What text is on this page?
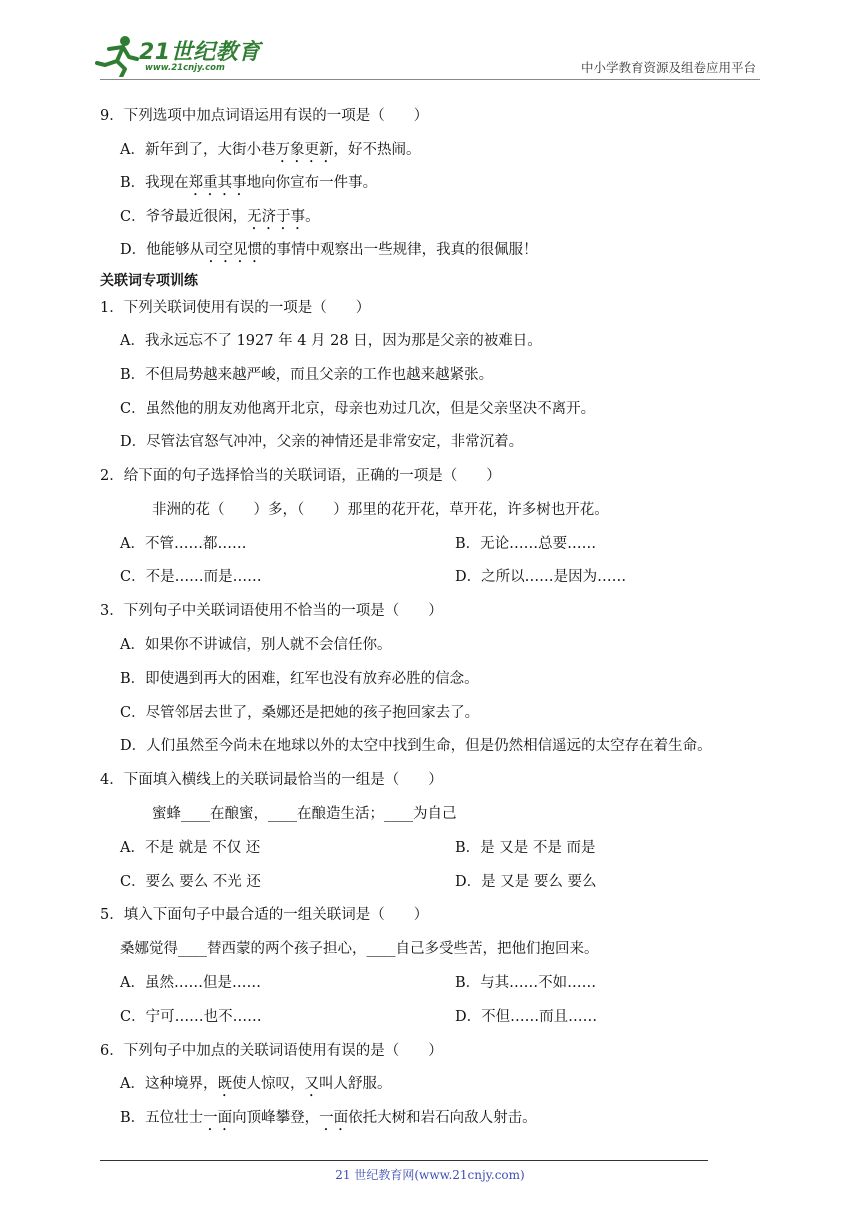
21世纪教育
www.21cnjy.com	中小学教育资源及组卷应用平台
9．下列选项中加点词语运用有误的一项是（　　）
A．新年到了，大街小巷万象更新，好不热闹。
B．我现在郑重其事地向你宣布一件事。
C．爷爷最近很闲，无济于事。
D．他能够从司空见惯的事情中观察出一些规律，我真的很佩服！
关联词专项训练
1．下列关联词使用有误的一项是（　　）
A．我永远忘不了 1927 年 4 月 28 日，因为那是父亲的被难日。
B．不但局势越来越严峻，而且父亲的工作也越来越紧张。
C．虽然他的朋友劝他离开北京，母亲也劝过几次，但是父亲坚决不离开。
D．尽管法官怒气冲冲，父亲的神情还是非常安定，非常沉着。
2．给下面的句子选择恰当的关联词语，正确的一项是（　　）
非洲的花（　　）多，（　　）那里的花开花，草开花，许多树也开花。
A．不管……都……	B．无论……总要……
C．不是……而是……	D．之所以……是因为……
3．下列句子中关联词语使用不恰当的一项是（　　）
A．如果你不讲诚信，别人就不会信任你。
B．即使遇到再大的困难，红军也没有放弃必胜的信念。
C．尽管邻居去世了，桑娜还是把她的孩子抱回家去了。
D．人们虽然至今尚未在地球以外的太空中找到生命，但是仍然相信遥远的太空存在着生命。
4．下面填入横线上的关联词最恰当的一组是（　　）
蜜蜂____在酿蜜，____在酿造生活；____为自己
A．不是 就是 不仅 还	B．是 又是 不是 而是
C．要么 要么 不光 还	D．是 又是 要么 要么
5．填入下面句子中最合适的一组关联词是（　　）
桑娜觉得____替西蒙的两个孩子担心，____自己多受些苦，把他们抱回来。
A．虽然……但是……	B．与其……不如……
C．宁可……也不……	D．不但……而且……
6．下列句子中加点的关联词语使用有误的是（　　）
A．这种境界，既使人惊叹，又叫人舒服。
B．五位壮士一面向顶峰攀登，一面依托大树和岩石向敌人射击。
21 世纪教育网(www.21cnjy.com)
